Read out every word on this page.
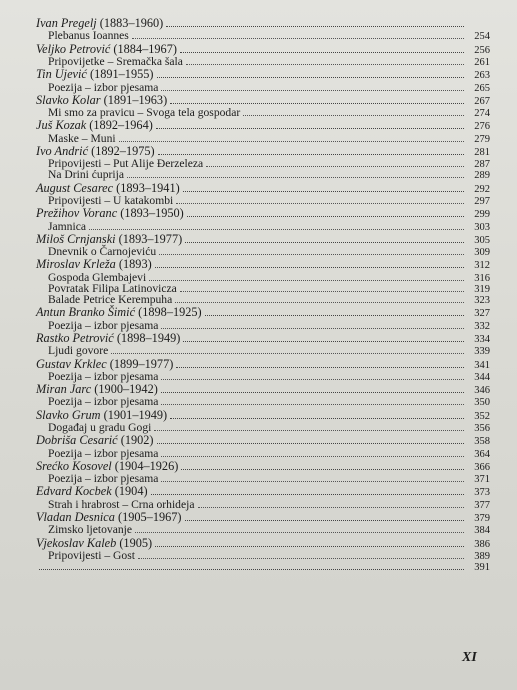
Ivan Pregelj (1883–1960)
Plebanus Ioannes	254
Veljko Petrović (1884–1967)	256
Pripovijetke – Sremačka šala	261
Tin Ujević (1891–1955)	263
Poezija – izbor pjesama	265
Slavko Kolar (1891–1963)	267
Mi smo za pravicu – Svoga tela gospodar	274
Juš Kozak (1892–1964)	276
Maske – Muni	279
Ivo Andrić (1892–1975)	281
Pripovijesti – Put Alije Đerzeleza	287
Na Drini ćuprija	289
August Cesarec (1893–1941)	292
Pripovijesti – U katakombi	297
Prežihov Voranc (1893–1950)	299
Jamnica	303
Miloš Crnjanski (1893–1977)	305
Dnevnik o Čarnojeviću	309
Miroslav Krleža (1893)	312
Gospoda Glembajevi	316
Povratak Filipa Latinovicza	319
Balade Petrice Kerempuha	323
Antun Branko Šimić (1898–1925)	327
Poezija – izbor pjesama	332
Rastko Petrović (1898–1949)	334
Ljudi govore	339
Gustav Krklec (1899–1977)	341
Poezija – izbor pjesama	344
Miran Jarc (1900–1942)	346
Poezija – izbor pjesama	350
Slavko Grum (1901–1949)	352
Događaj u gradu Gogi	356
Dobriša Cesarić (1902)	358
Poezija – izbor pjesama	364
Srećko Kosovel (1904–1926)	366
Poezija – izbor pjesama	371
Edvard Kocbek (1904)	373
Strah i hrabrost – Crna orhideja	377
Vladan Desnica (1905–1967)	379
Zimsko ljetovanje	384
Vjekoslav Kaleb (1905)	386
Pripovijesti – Gost	389
391
XI
